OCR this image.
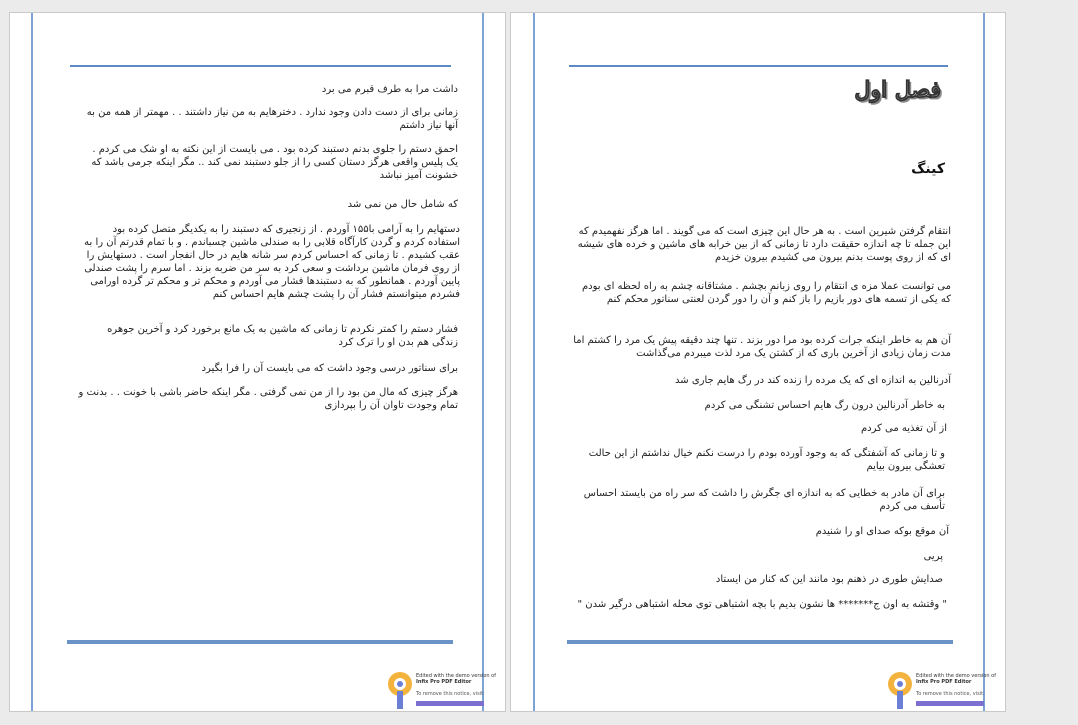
داشت مرا به طرف قبرم می برد
زمانی برای از دست دادن وجود ندارد . دخترهایم به من نیاز داشتند . . مهمتر از همه من به آنها نیاز داشتم
احمق دستم را جلوی بدنم دستبند کرده بود . می بایست از این نکته به او شک می کردم . یک پلیس واقعی هرگز دستان کسی را از جلو دستبند نمی کند .. مگر اینکه جرمی باشد که خشونت آمیز نباشد
که شامل حال من نمی شد
دستهایم را به آرامی با۱۵۵ آوردم . از زنجیری که دستبند را به یکدیگر متصل کرده بود استفاده کردم و گردن کارآگاه قلابی را به صندلی ماشین چسباندم . و با تمام قدرتم آن را به عقب کشیدم . تا زمانی که احساس کردم سر شانه هایم در حال انفجار است . دستهایش را از روی فرمان ماشین برداشت و سعی کرد به سر من ضربه بزند . اما سرم را پشت صندلی پایین آوردم . همانطور که به دستبندها فشار می آوردم و محکم تر و محکم تر گرده اورامی فشردم میتوانستم فشار آن را پشت چشم هایم احساس کنم
فشار دستم را کمتر نکردم تا زمانی که ماشین به یک مانع برخورد کرد و آخرین جوهره زندگی هم بدن او را ترک کرد
برای سناتور درسی وجود داشت که می بایست آن را فرا بگیرد
هرگز چیزی که مال من بود را از من نمی گرفتی . مگر اینکه حاضر باشی با خونت . . بدنت و تمام وجودت تاوان آن را بپردازی
Edited with the demo version of
Infix Pro PDF Editor
To remove this notice, visit:
فصل اول
کینگ
انتقام گرفتن شیرین است . به هر حال این چیزی است که می گویند . اما هرگز نفهمیدم که این جمله تا چه اندازه حقیقت دارد تا زمانی که از بین خرابه های ماشین و خرده های شیشه ای که از روی پوست بدنم بیرون می کشیدم بیرون خزیدم
می توانست عملا مزه ی انتقام را روی زبانم بچشم . مشتاقانه چشم به راه لحظه ای بودم که یکی از تسمه های دور بازیم را باز کنم و آن را دور گردن لعنتی سناتور محکم کنم
آن هم به خاطر اینکه جرات کرده بود مرا دور بزند . تنها چند دقیقه پیش یک مرد را کشتم اما مدت زمان زیادی از آخرین باری که از کشتن یک مرد لذت میبردم می‌گذاشت
آدرنالین به اندازه ای که یک مرده را زنده کند در رگ هایم جاری شد
به خاطر آدرنالین درون رگ هایم احساس تشنگی می کردم
از آن تغذیه می کردم
و تا زمانی که آشفتگی که به وجود آورده بودم را درست نکنم خیال نداشتم از این حالت تعشگی بیرون بیایم
برای آن مادر به خطایی که به اندازه ای جگرش را داشت که سر راه من بایستد احساس تأسف می کردم
آن موقع بوکه صدای او را شنیدم
پریی
صدایش طوری در ذهنم بود مانند این که کنار من ایستاد
" وقتشه به اون ج******* ها نشون بدیم با بچه اشتباهی توی محله اشتباهی درگیر شدن "
Edited with the demo version of
Infix Pro PDF Editor
To remove this notice, visit:
